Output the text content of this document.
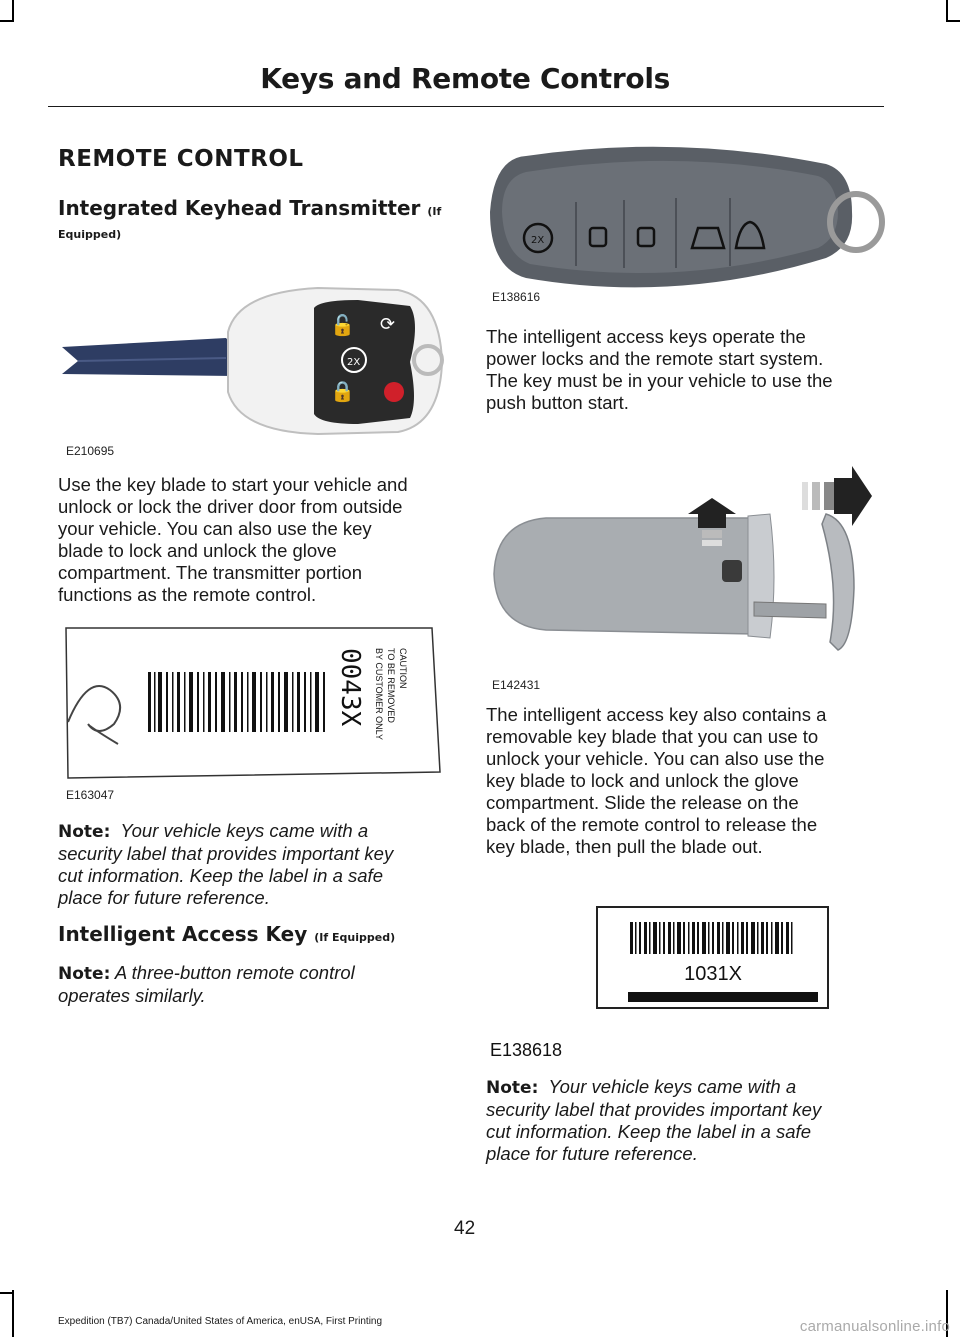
Keys and Remote Controls
REMOTE CONTROL
Integrated Keyhead Transmitter (If
Equipped)
🔓 ⟳
2X
🔒
E210695
Use the key blade to start your vehicle and
unlock or lock the driver door from outside
your vehicle. You can also use the key
blade to lock and unlock the glove
compartment. The transmitter portion
functions as the remote control.
0043X	CAUTION
TO BE REMOVED
BY CUSTOMER ONLY
E163047
Note: Your vehicle keys came with a
security label that provides important key
cut information. Keep the label in a safe
place for future reference.
Intelligent Access Key (If Equipped)
Note: A three-button remote control
operates similarly.
2X
E138616
The intelligent access keys operate the
power locks and the remote start system.
The key must be in your vehicle to use the
push button start.
E142431
The intelligent access key also contains a
removable key blade that you can use to
unlock your vehicle. You can also use the
key blade to lock and unlock the glove
compartment. Slide the release on the
back of the remote control to release the
key blade, then pull the blade out.
1031X
E138618
Note: Your vehicle keys came with a
security label that provides important key
cut information. Keep the label in a safe
place for future reference.
42
Expedition (TB7) Canada/United States of America, enUSA, First Printing	carmanualsonline.info
